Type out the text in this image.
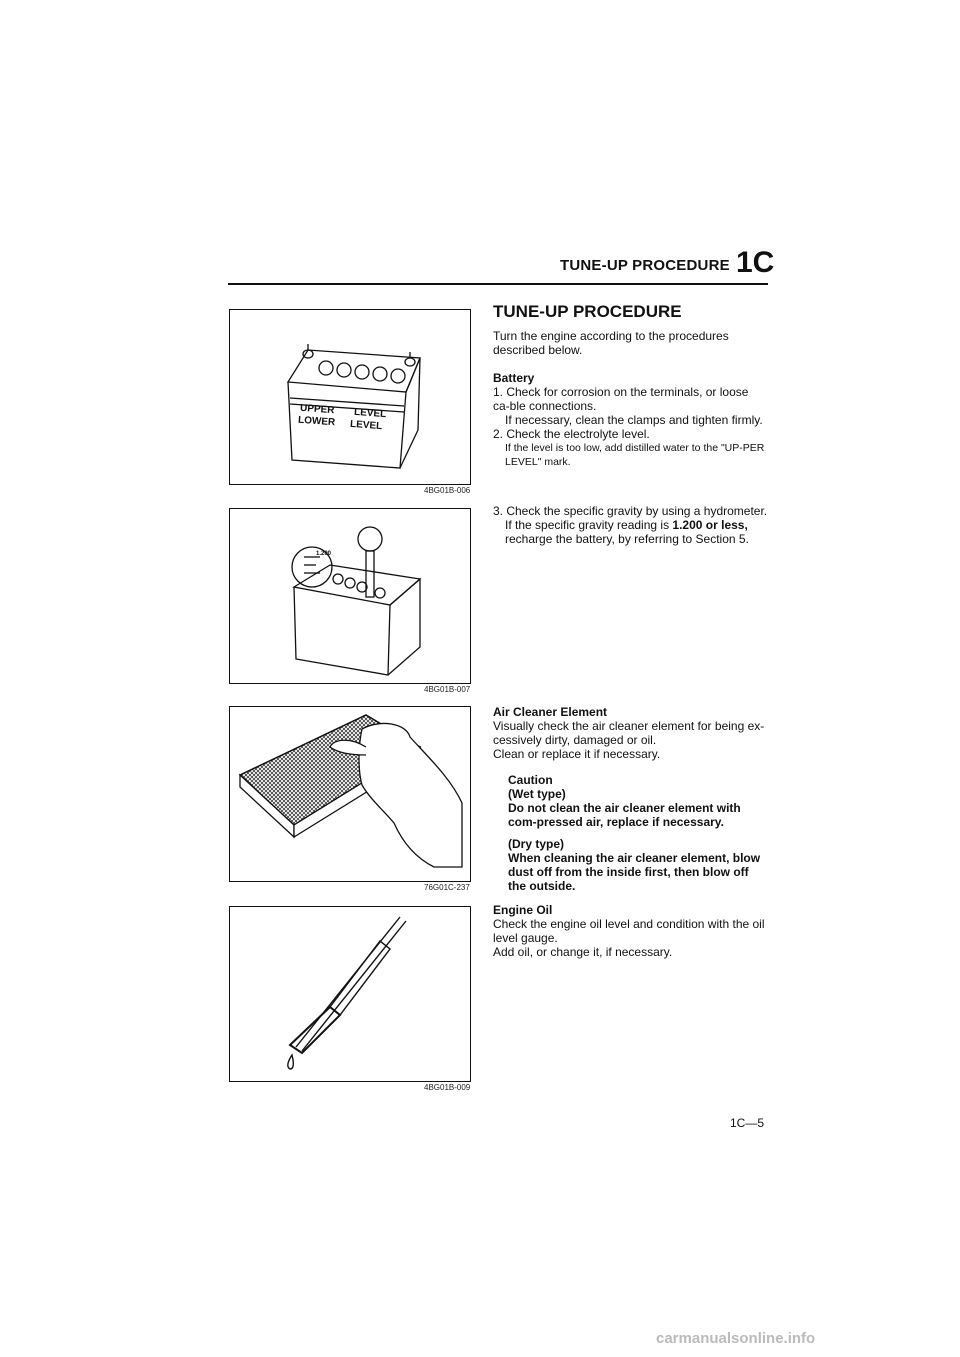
TUNE-UP PROCEDURE 1C
UPPER LEVEL
LOWER LEVEL
4BG01B-006
1.200
4BG01B-007
76G01C-237
4BG01B-009

TUNE-UP PROCEDURE

Turn the engine according to the procedures described below.

Battery

1. Check for corrosion on the terminals, or loose ca-ble connections.

If necessary, clean the clamps and tighten firmly.

2. Check the electrolyte level.

If the level is too low, add distilled water to the "UP-PER LEVEL" mark.

3. Check the specific gravity by using a hydrometer.

If the specific gravity reading is 1.200 or less, recharge the battery, by referring to Section 5.

Air Cleaner Element

Visually check the air cleaner element for being ex-cessively dirty, damaged or oil.

Clean or replace it if necessary.

Caution

(Wet type)

Do not clean the air cleaner element with com-pressed air, replace if necessary.

(Dry type)

When cleaning the air cleaner element, blow dust off from the inside first, then blow off the outside.

Engine Oil

Check the engine oil level and condition with the oil level gauge.

Add oil, or change it, if necessary.

1C—5
carmanualsonline.info
